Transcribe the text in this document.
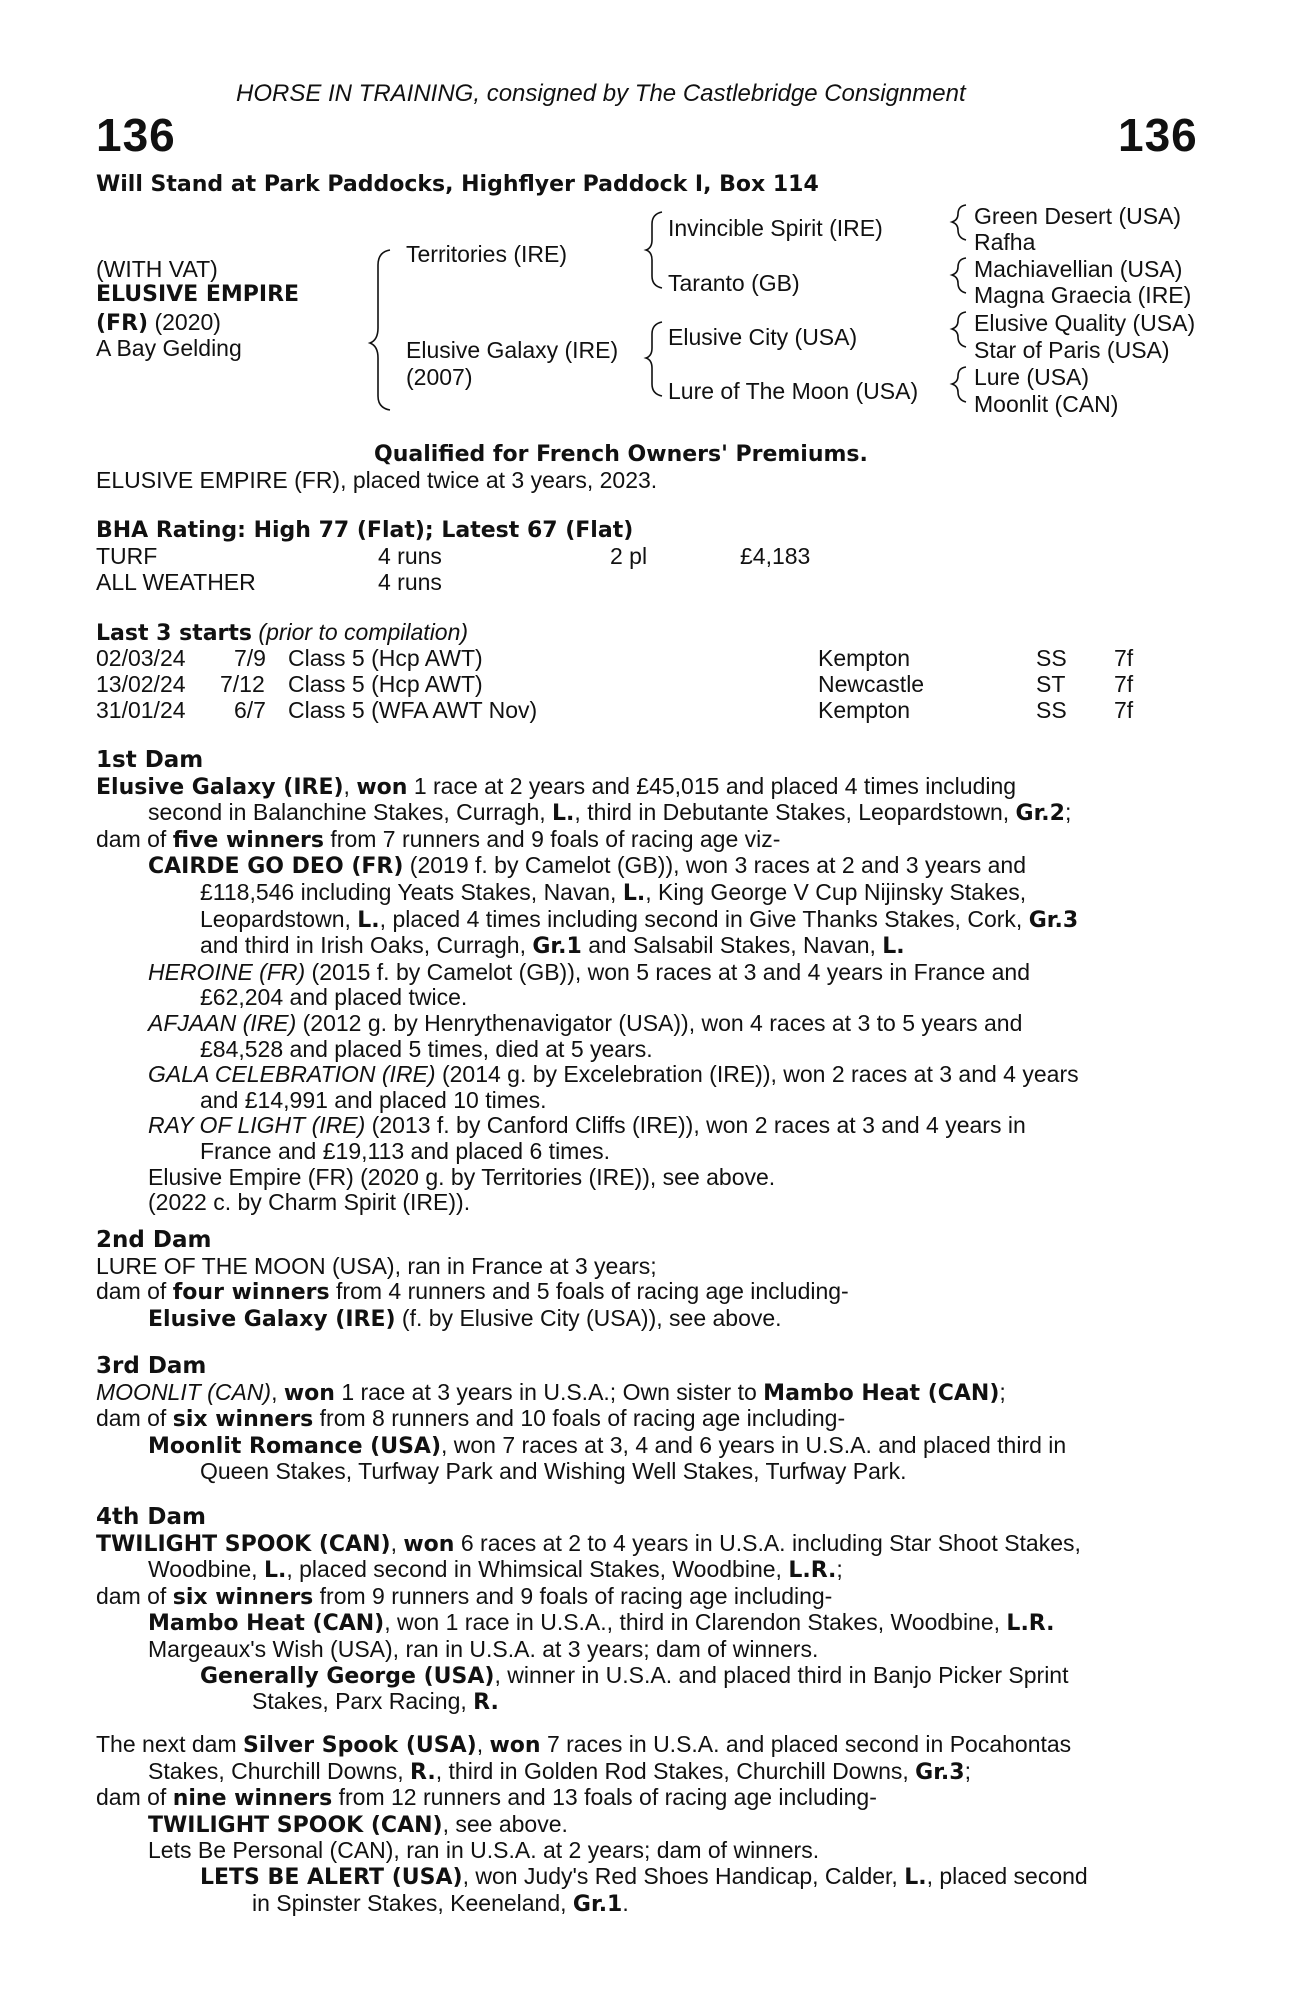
HORSE IN TRAINING, consigned by The Castlebridge Consignment
136	136
Will Stand at Park Paddocks, Highflyer Paddock I, Box 114
(WITH VAT)
ELUSIVE EMPIRE
(FR) (2020)
A Bay Gelding
Territories (IRE)
Elusive Galaxy (IRE)
(2007)
Invincible Spirit (IRE)
Taranto (GB)
Elusive City (USA)
Lure of The Moon (USA)
Green Desert (USA)
Rafha
Machiavellian (USA)
Magna Graecia (IRE)
Elusive Quality (USA)
Star of Paris (USA)
Lure (USA)
Moonlit (CAN)
Qualified for French Owners' Premiums.
ELUSIVE EMPIRE (FR), placed twice at 3 years, 2023.
BHA Rating: High 77 (Flat); Latest 67 (Flat)
TURF	4 runs	2 pl	£4,183
ALL WEATHER	4 runs
Last 3 starts (prior to compilation)
02/03/24 7/9 Class 5 (Hcp AWT)	Kempton	SS 7f
13/02/24 7/12 Class 5 (Hcp AWT)	Newcastle	ST 7f
31/01/24 6/7 Class 5 (WFA AWT Nov)	Kempton	SS 7f
1st Dam
Elusive Galaxy (IRE), won 1 race at 2 years and £45,015 and placed 4 times including
second in Balanchine Stakes, Curragh, L., third in Debutante Stakes, Leopardstown, Gr.2;
dam of five winners from 7 runners and 9 foals of racing age viz-
CAIRDE GO DEO (FR) (2019 f. by Camelot (GB)), won 3 races at 2 and 3 years and
£118,546 including Yeats Stakes, Navan, L., King George V Cup Nijinsky Stakes,
Leopardstown, L., placed 4 times including second in Give Thanks Stakes, Cork, Gr.3
and third in Irish Oaks, Curragh, Gr.1 and Salsabil Stakes, Navan, L.
HEROINE (FR) (2015 f. by Camelot (GB)), won 5 races at 3 and 4 years in France and
£62,204 and placed twice.
AFJAAN (IRE) (2012 g. by Henrythenavigator (USA)), won 4 races at 3 to 5 years and
£84,528 and placed 5 times, died at 5 years.
GALA CELEBRATION (IRE) (2014 g. by Excelebration (IRE)), won 2 races at 3 and 4 years
and £14,991 and placed 10 times.
RAY OF LIGHT (IRE) (2013 f. by Canford Cliffs (IRE)), won 2 races at 3 and 4 years in
France and £19,113 and placed 6 times.
Elusive Empire (FR) (2020 g. by Territories (IRE)), see above.
(2022 c. by Charm Spirit (IRE)).
2nd Dam
LURE OF THE MOON (USA), ran in France at 3 years;
dam of four winners from 4 runners and 5 foals of racing age including-
Elusive Galaxy (IRE) (f. by Elusive City (USA)), see above.
3rd Dam
MOONLIT (CAN), won 1 race at 3 years in U.S.A.; Own sister to Mambo Heat (CAN);
dam of six winners from 8 runners and 10 foals of racing age including-
Moonlit Romance (USA), won 7 races at 3, 4 and 6 years in U.S.A. and placed third in
Queen Stakes, Turfway Park and Wishing Well Stakes, Turfway Park.
4th Dam
TWILIGHT SPOOK (CAN), won 6 races at 2 to 4 years in U.S.A. including Star Shoot Stakes,
Woodbine, L., placed second in Whimsical Stakes, Woodbine, L.R.;
dam of six winners from 9 runners and 9 foals of racing age including-
Mambo Heat (CAN), won 1 race in U.S.A., third in Clarendon Stakes, Woodbine, L.R.
Margeaux's Wish (USA), ran in U.S.A. at 3 years; dam of winners.
Generally George (USA), winner in U.S.A. and placed third in Banjo Picker Sprint
Stakes, Parx Racing, R.
The next dam Silver Spook (USA), won 7 races in U.S.A. and placed second in Pocahontas
Stakes, Churchill Downs, R., third in Golden Rod Stakes, Churchill Downs, Gr.3;
dam of nine winners from 12 runners and 13 foals of racing age including-
TWILIGHT SPOOK (CAN), see above.
Lets Be Personal (CAN), ran in U.S.A. at 2 years; dam of winners.
LETS BE ALERT (USA), won Judy's Red Shoes Handicap, Calder, L., placed second
in Spinster Stakes, Keeneland, Gr.1.
